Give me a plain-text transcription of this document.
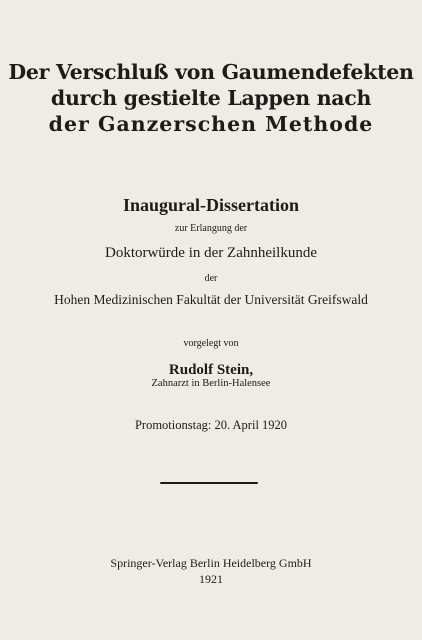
Der Verschluß von Gaumendefekten
durch gestielte Lappen nach
der Ganzerschen Methode
Inaugural-Dissertation
zur Erlangung der
Doktorwürde in der Zahnheilkunde
der
Hohen Medizinischen Fakultät der Universität Greifswald
vorgelegt von
Rudolf Stein,
Zahnarzt in Berlin-Halensee
Promotionstag: 20. April 1920
Springer-Verlag Berlin Heidelberg GmbH
1921
